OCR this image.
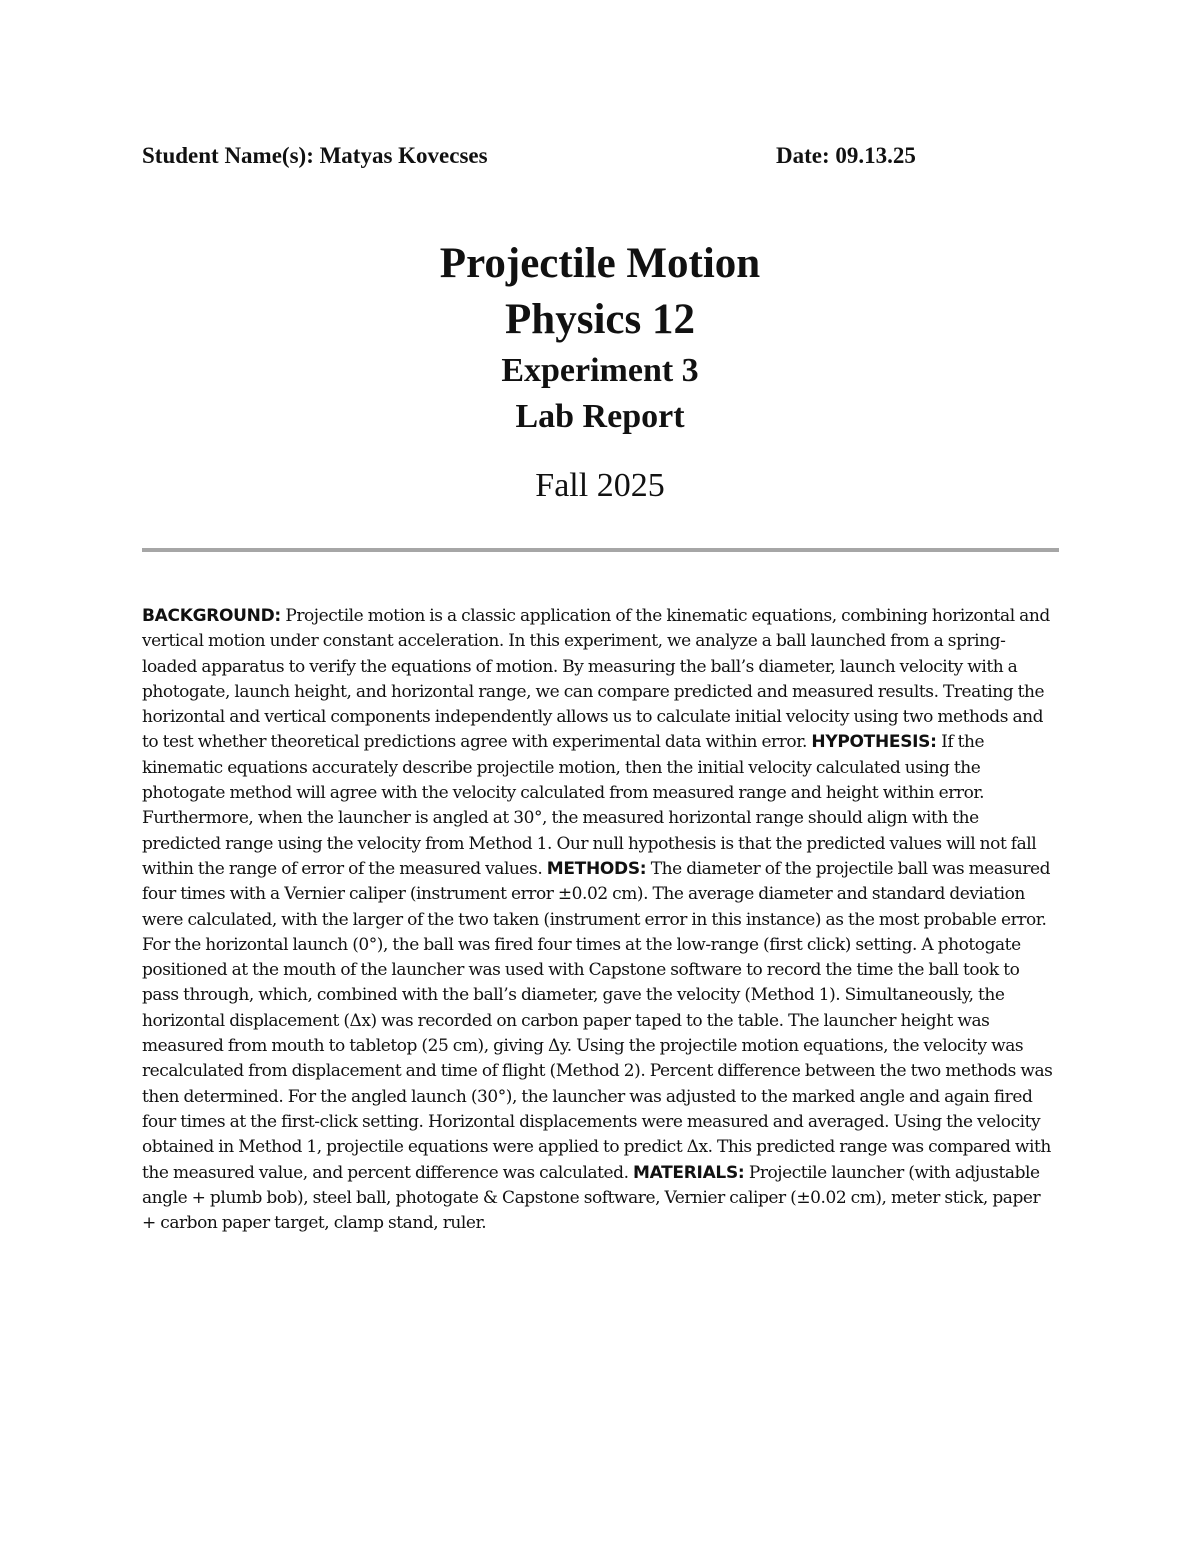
Student Name(s): Matyas Kovecses	Date: 09.13.25
Projectile Motion
Physics 12
Experiment 3
Lab Report
Fall 2025
BACKGROUND: Projectile motion is a classic application of the kinematic equations, combining horizontal and vertical motion under constant acceleration. In this experiment, we analyze a ball launched from a spring-loaded apparatus to verify the equations of motion. By measuring the ball’s diameter, launch velocity with a photogate, launch height, and horizontal range, we can compare predicted and measured results. Treating the horizontal and vertical components independently allows us to calculate initial velocity using two methods and to test whether theoretical predictions agree with experimental data within error. HYPOTHESIS: If the kinematic equations accurately describe projectile motion, then the initial velocity calculated using the photogate method will agree with the velocity calculated from measured range and height within error. Furthermore, when the launcher is angled at 30°, the measured horizontal range should align with the predicted range using the velocity from Method 1. Our null hypothesis is that the predicted values will not fall within the range of error of the measured values. METHODS: The diameter of the projectile ball was measured four times with a Vernier caliper (instrument error ±0.02 cm). The average diameter and standard deviation were calculated, with the larger of the two taken (instrument error in this instance) as the most probable error. For the horizontal launch (0°), the ball was fired four times at the low-range (first click) setting. A photogate positioned at the mouth of the launcher was used with Capstone software to record the time the ball took to pass through, which, combined with the ball’s diameter, gave the velocity (Method 1). Simultaneously, the horizontal displacement (Δx) was recorded on carbon paper taped to the table. The launcher height was measured from mouth to tabletop (25 cm), giving Δy. Using the projectile motion equations, the velocity was recalculated from displacement and time of flight (Method 2). Percent difference between the two methods was then determined. For the angled launch (30°), the launcher was adjusted to the marked angle and again fired four times at the first-click setting. Horizontal displacements were measured and averaged. Using the velocity obtained in Method 1, projectile equations were applied to predict Δx. This predicted range was compared with the measured value, and percent difference was calculated. MATERIALS: Projectile launcher (with adjustable angle + plumb bob), steel ball, photogate & Capstone software, Vernier caliper (±0.02 cm), meter stick, paper + carbon paper target, clamp stand, ruler.
